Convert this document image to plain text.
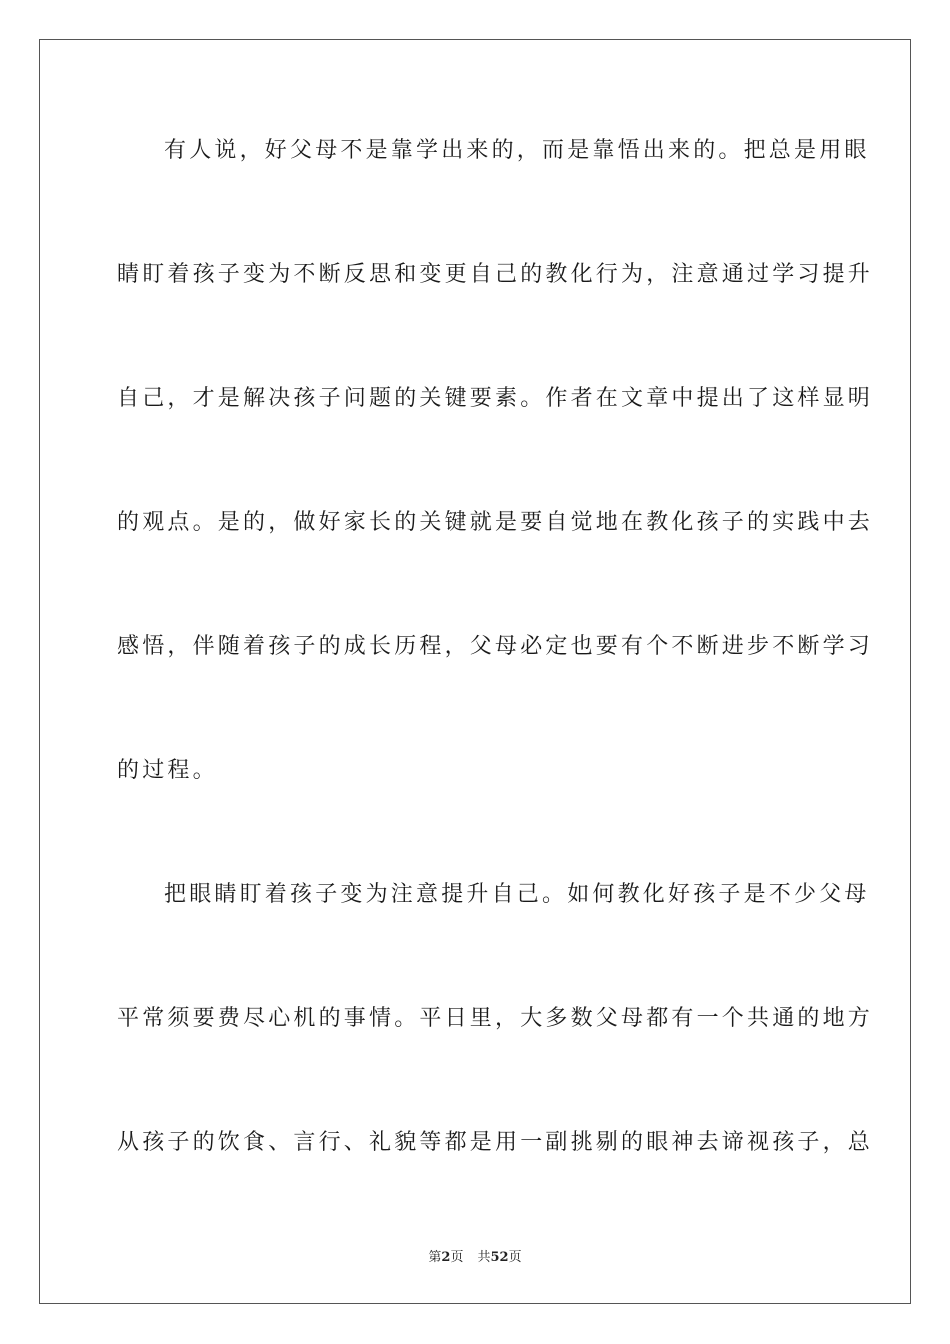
有人说，好父母不是靠学出来的，而是靠悟出来的。把总是用眼
睛盯着孩子变为不断反思和变更自己的教化行为，注意通过学习提升
自己，才是解决孩子问题的关键要素。作者在文章中提出了这样显明
的观点。是的，做好家长的关键就是要自觉地在教化孩子的实践中去
感悟，伴随着孩子的成长历程，父母必定也要有个不断进步不断学习
的过程。
把眼睛盯着孩子变为注意提升自己。如何教化好孩子是不少父母
平常须要费尽心机的事情。平日里，大多数父母都有一个共通的地方
从孩子的饮食、言行、礼貌等都是用一副挑剔的眼神去谛视孩子，总
第2页 共52页
